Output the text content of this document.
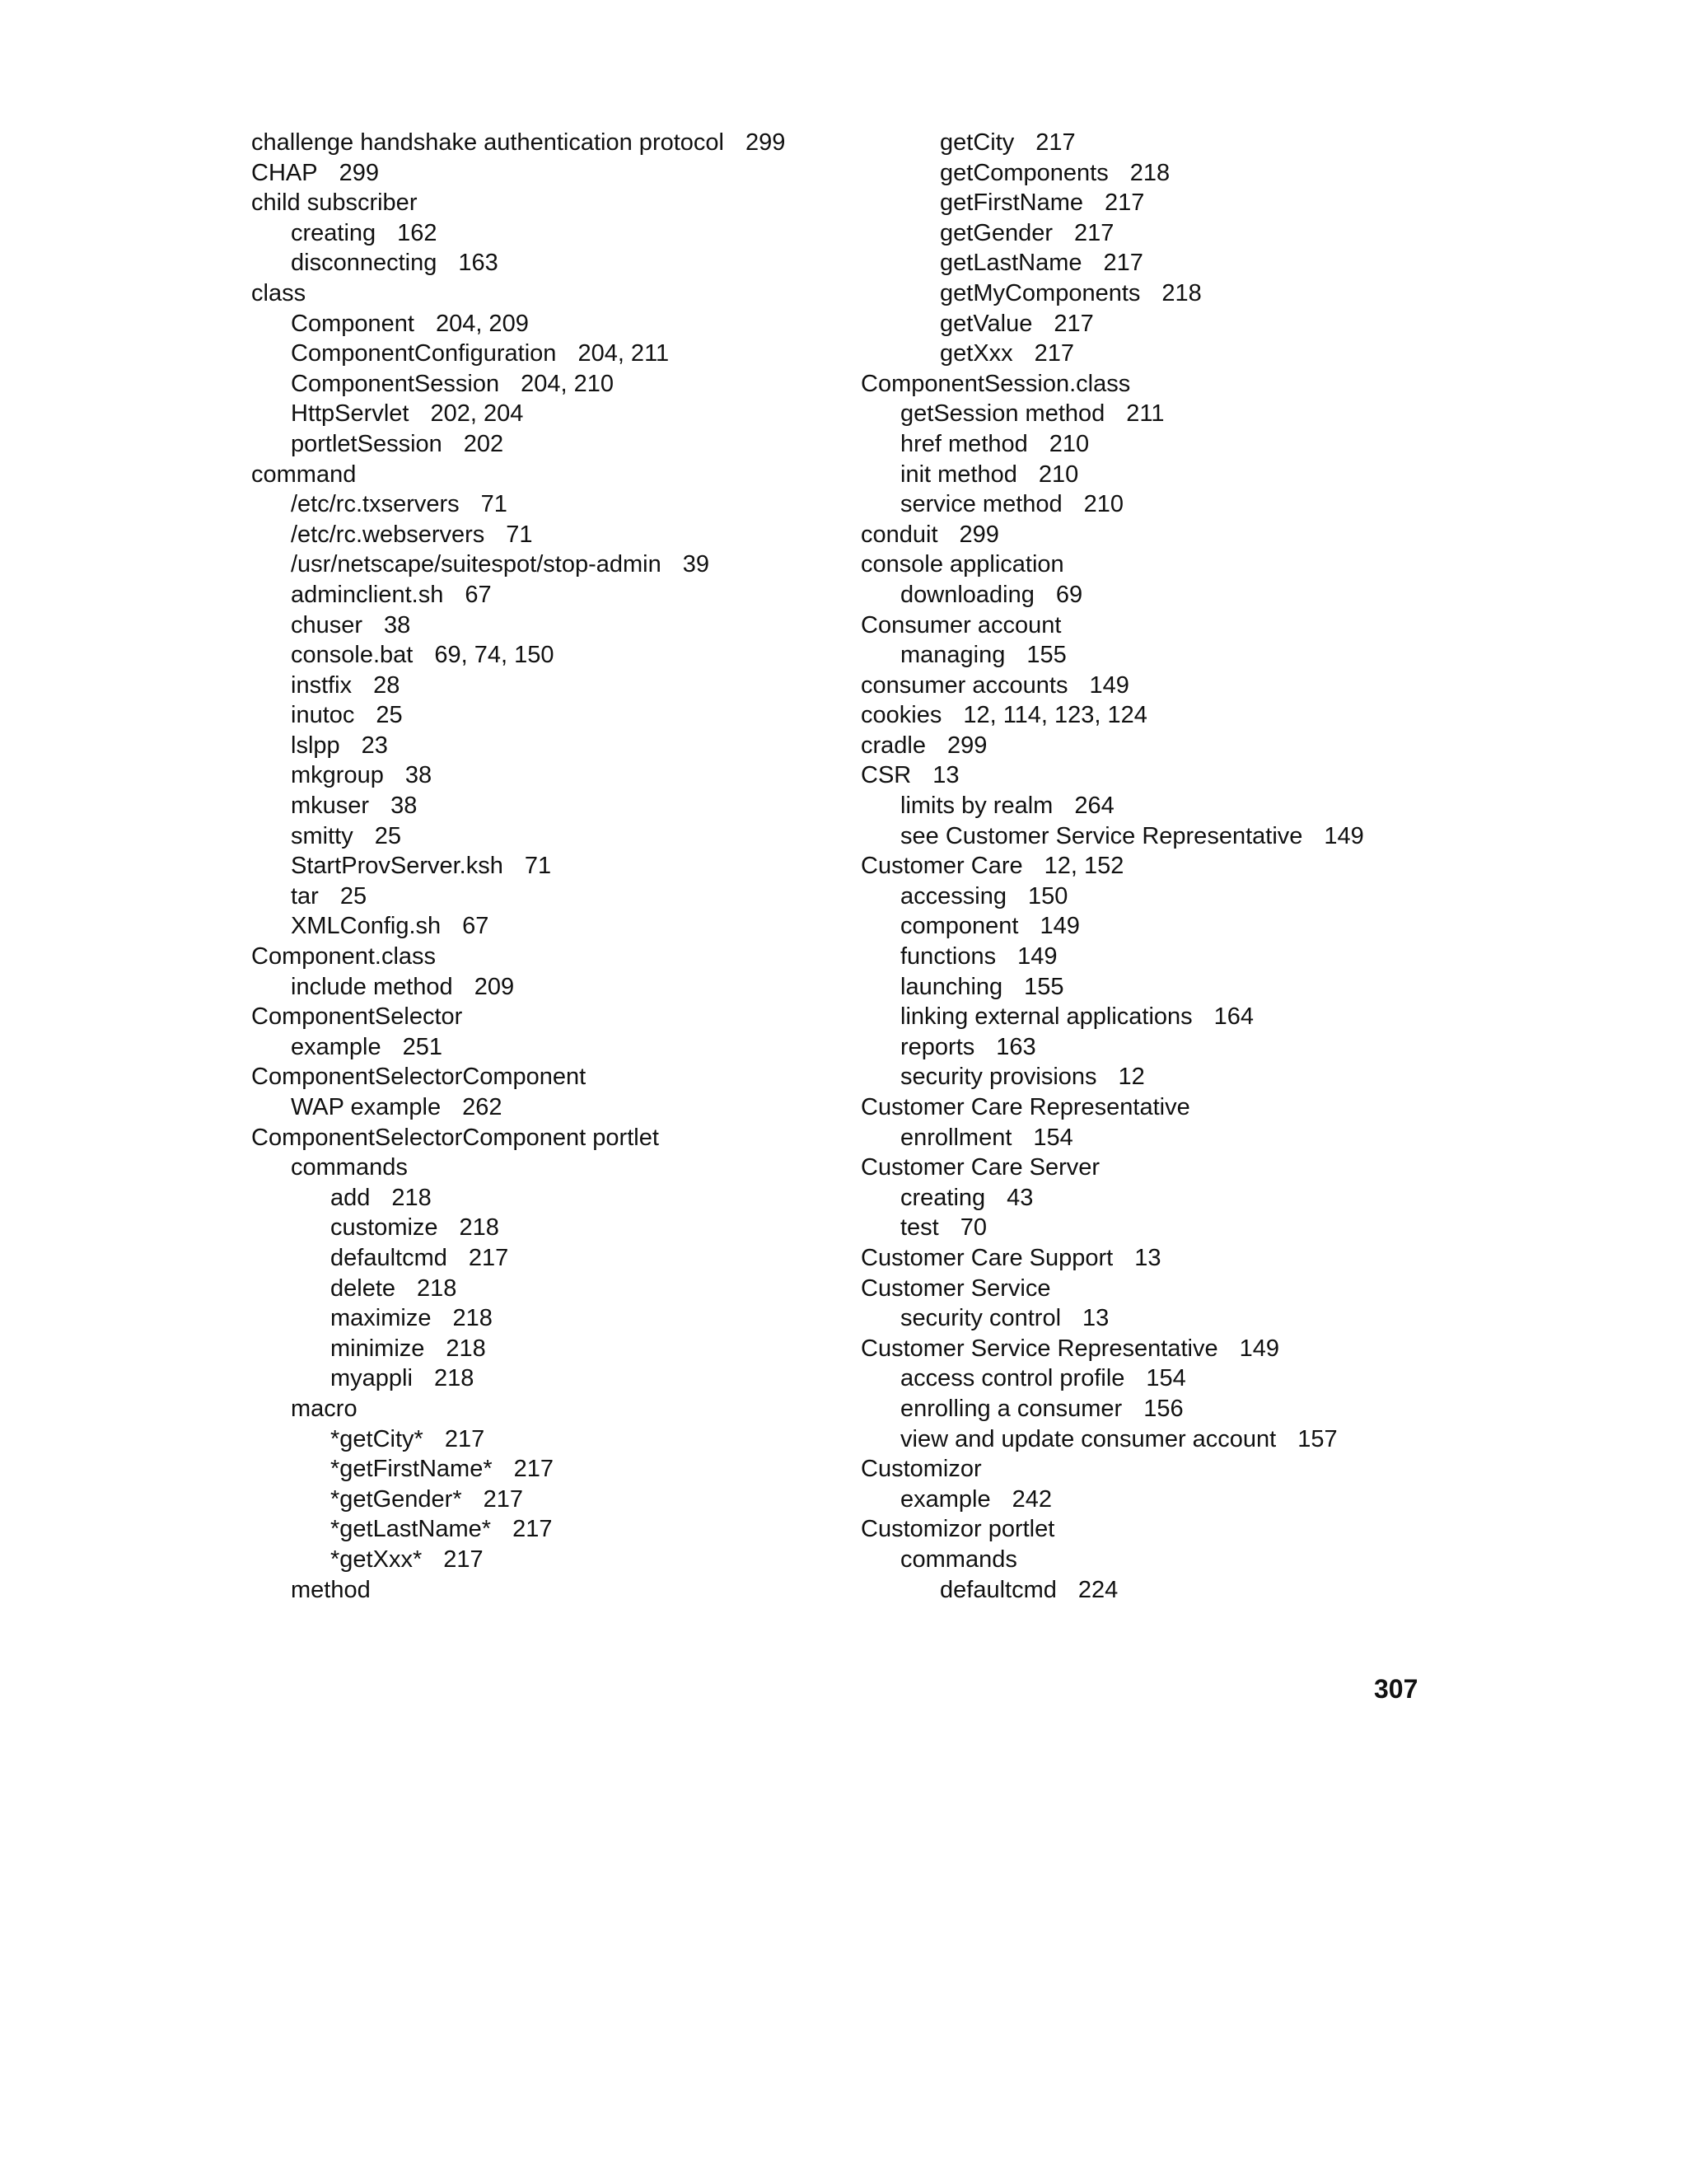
challenge handshake authentication protocol 299
CHAP 299
child subscriber
creating 162
disconnecting 163
class
Component 204, 209
ComponentConfiguration 204, 211
ComponentSession 204, 210
HttpServlet 202, 204
portletSession 202
command
/etc/rc.txservers 71
/etc/rc.webservers 71
/usr/netscape/suitespot/stop-admin 39
adminclient.sh 67
chuser 38
console.bat 69, 74, 150
instfix 28
inutoc 25
lslpp 23
mkgroup 38
mkuser 38
smitty 25
StartProvServer.ksh 71
tar 25
XMLConfig.sh 67
Component.class
include method 209
ComponentSelector
example 251
ComponentSelectorComponent
WAP example 262
ComponentSelectorComponent portlet
commands
add 218
customize 218
defaultcmd 217
delete 218
maximize 218
minimize 218
myappli 218
macro
*getCity* 217
*getFirstName* 217
*getGender* 217
*getLastName* 217
*getXxx* 217
method
getCity 217
getComponents 218
getFirstName 217
getGender 217
getLastName 217
getMyComponents 218
getValue 217
getXxx 217
ComponentSession.class
getSession method 211
href method 210
init method 210
service method 210
conduit 299
console application
downloading 69
Consumer account
managing 155
consumer accounts 149
cookies 12, 114, 123, 124
cradle 299
CSR 13
limits by realm 264
see Customer Service Representative 149
Customer Care 12, 152
accessing 150
component 149
functions 149
launching 155
linking external applications 164
reports 163
security provisions 12
Customer Care Representative
enrollment 154
Customer Care Server
creating 43
test 70
Customer Care Support 13
Customer Service
security control 13
Customer Service Representative 149
access control profile 154
enrolling a consumer 156
view and update consumer account 157
Customizor
example 242
Customizor portlet
commands
defaultcmd 224
307
